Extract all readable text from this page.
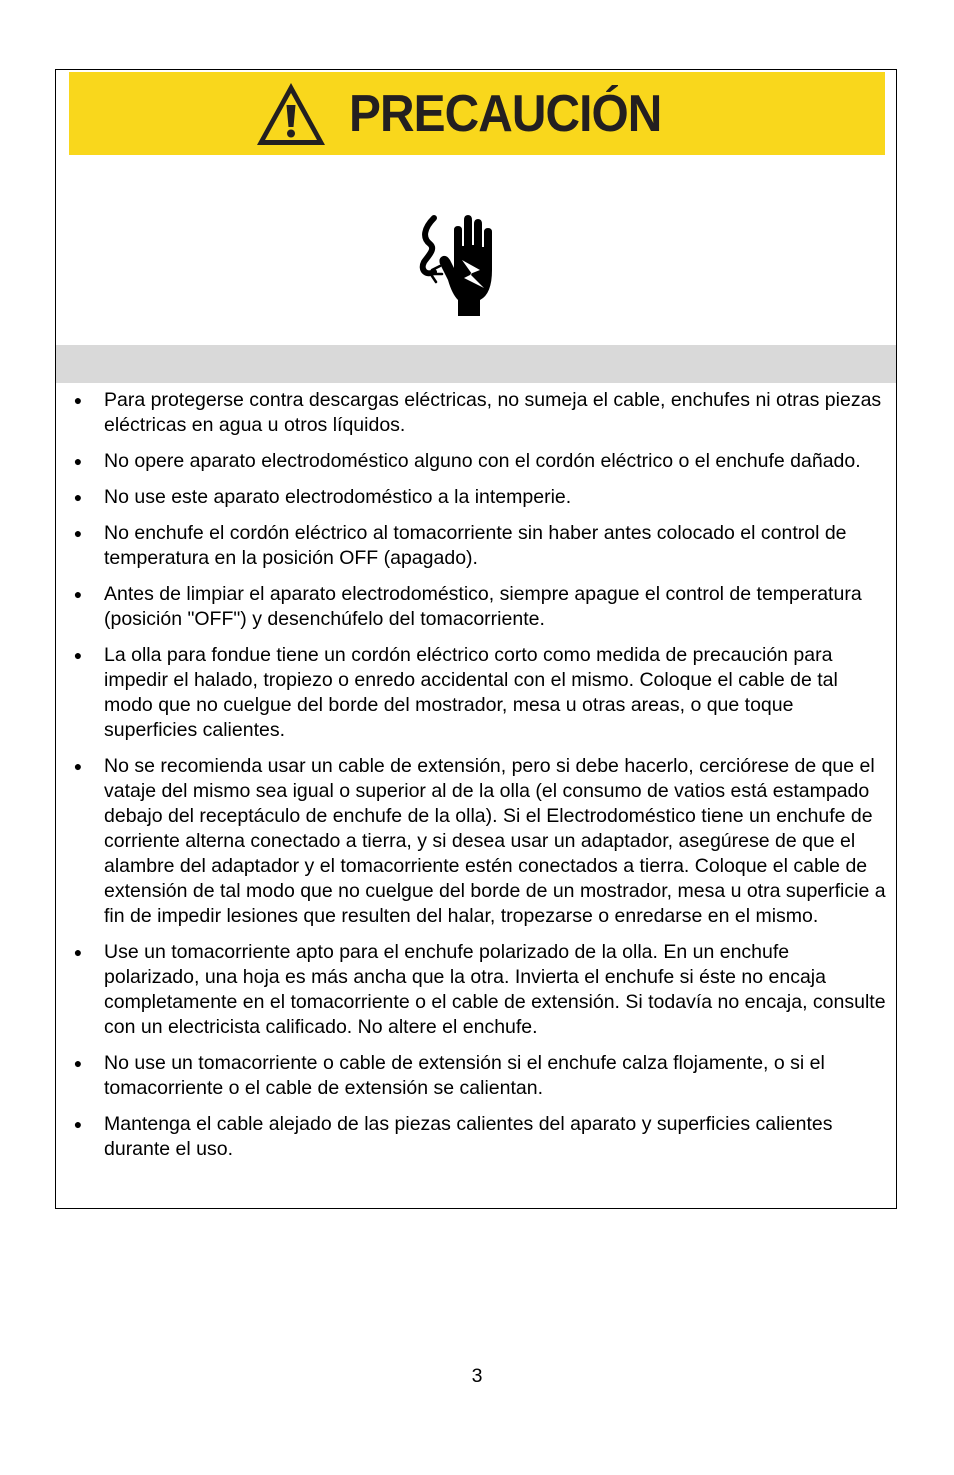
PRECAUCIÓN
● Para protegerse contra descargas eléctricas, no sumeja el cable, enchufes ni otras piezas eléctricas en agua u otros líquidos.
● No opere aparato electrodoméstico alguno con el cordón eléctrico o el enchufe dañado.
● No use este aparato electrodoméstico a la intemperie.
● No enchufe el cordón eléctrico al tomacorriente sin haber antes colocado el control de temperatura en la posición OFF (apagado).
● Antes de limpiar el aparato electrodoméstico, siempre apague el control de temperatura (posición "OFF") y desenchúfelo del tomacorriente.
● La olla para fondue tiene un cordón eléctrico corto como medida de precaución para impedir el halado, tropiezo o enredo accidental con el mismo. Coloque el cable de tal modo que no cuelgue del borde del mostrador, mesa u otras areas, o que toque superficies calientes.
● No se recomienda usar un cable de extensión, pero si debe hacerlo, cerciórese de que el vataje del mismo sea igual o superior al de la olla (el consumo de vatios está estampado debajo del receptáculo de enchufe de la olla). Si el Electrodoméstico tiene un enchufe de corriente alterna conectado a tierra, y si desea usar un adaptador, asegúrese de que el alambre del adaptador y el tomacorriente estén conectados a tierra. Coloque el cable de extensión de tal modo que no cuelgue del borde de un mostrador, mesa u otra superficie a fin de impedir lesiones que resulten del halar, tropezarse o enredarse en el mismo.
● Use un tomacorriente apto para el enchufe polarizado de la olla. En un enchufe polarizado, una hoja es más ancha que la otra. Invierta el enchufe si éste no encaja completamente en el tomacorriente o el cable de extensión. Si todavía no encaja, consulte con un electricista calificado. No altere el enchufe.
● No use un tomacorriente o cable de extensión si el enchufe calza flojamente, o si el tomacorriente o el cable de extensión se calientan.
● Mantenga el cable alejado de las piezas calientes del aparato y superficies calientes durante el uso.
3
